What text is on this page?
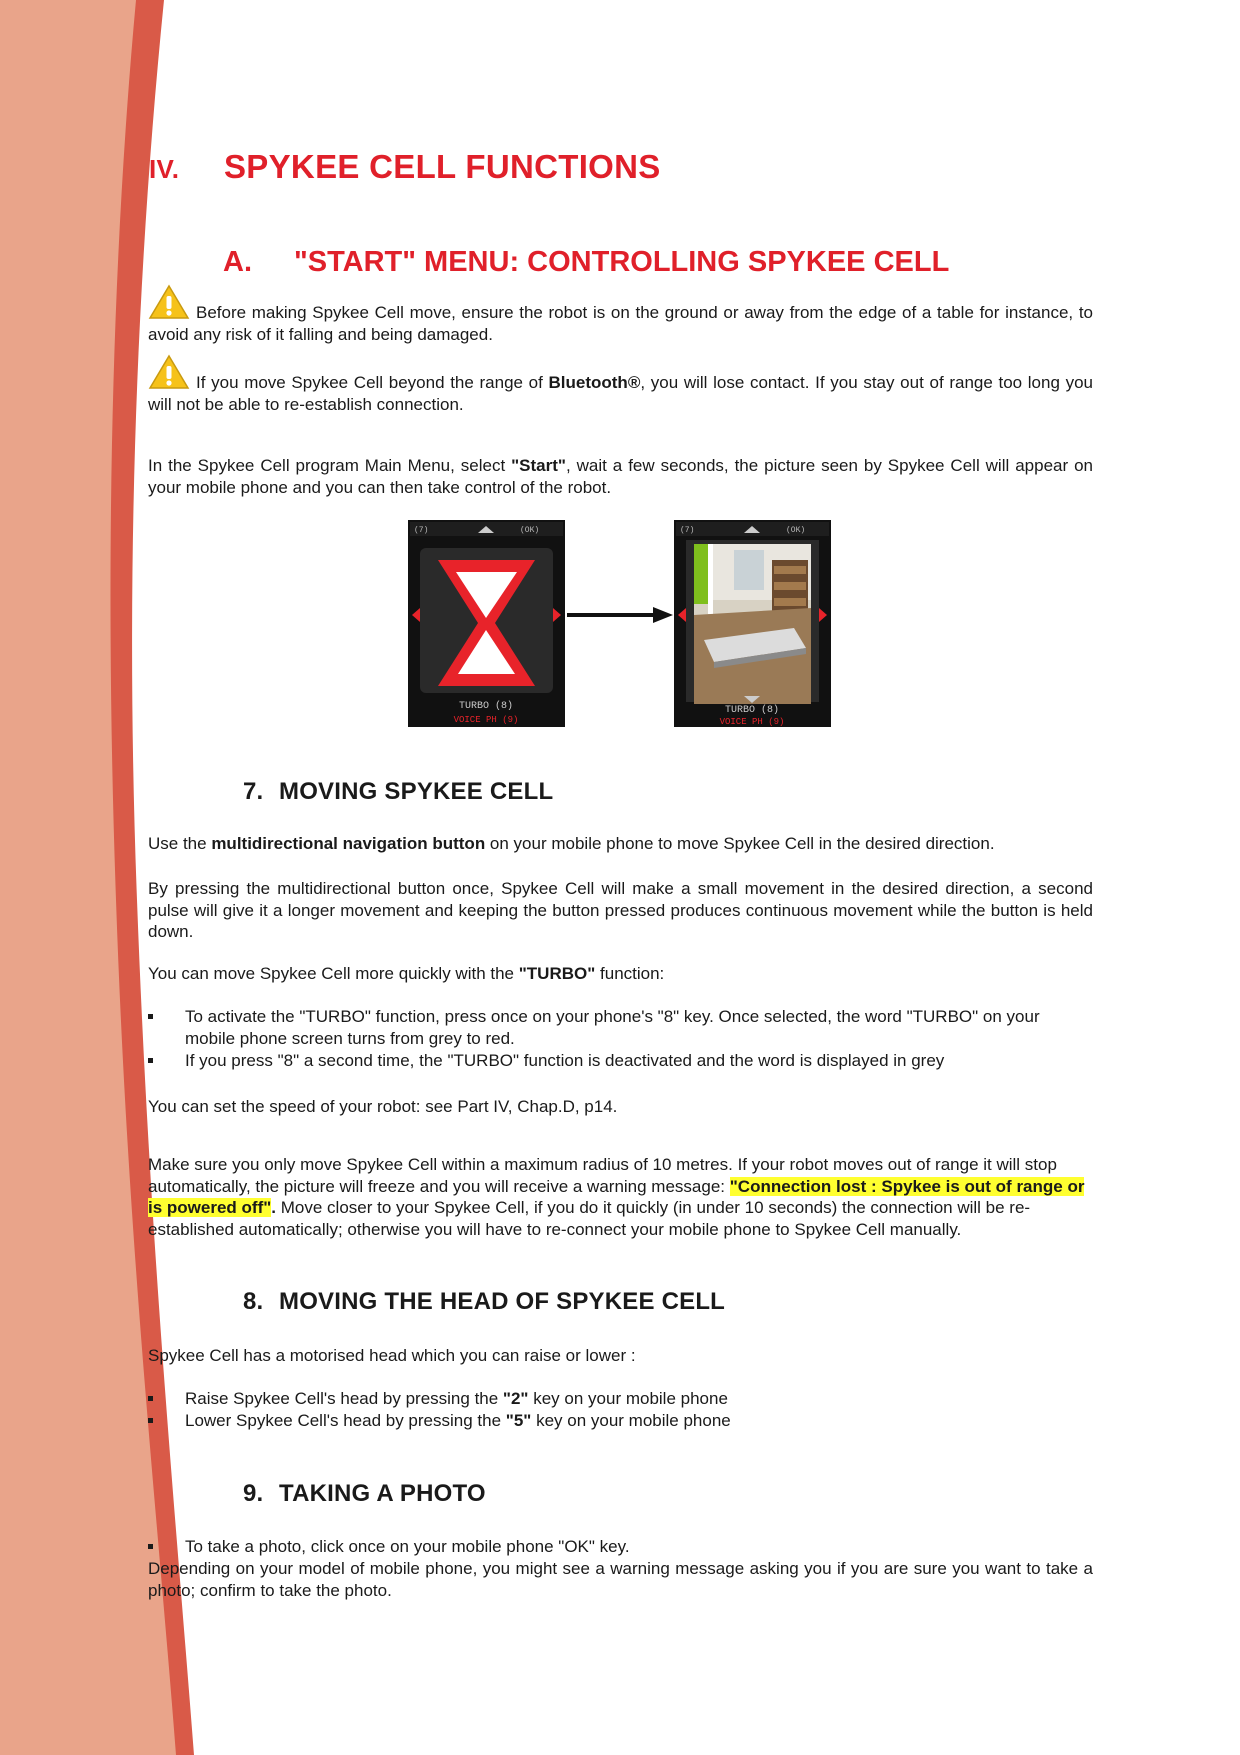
IV. SPYKEE CELL FUNCTIONS
A. "START" MENU: CONTROLLING SPYKEE CELL
Before making Spykee Cell move, ensure the robot is on the ground or away from the edge of a table for instance, to avoid any risk of it falling and being damaged.
If you move Spykee Cell beyond the range of Bluetooth®, you will lose contact. If you stay out of range too long you will not be able to re-establish connection.
In the Spykee Cell program Main Menu, select "Start", wait a few seconds, the picture seen by Spykee Cell will appear on your mobile phone and you can then take control of the robot.
(7)	(OK)
TURBO (8)
VOICE PH (9)
(7)	(OK)
TURBO (8)
VOICE PH (9)
7. MOVING SPYKEE CELL
Use the multidirectional navigation button on your mobile phone to move Spykee Cell in the desired direction.
By pressing the multidirectional button once, Spykee Cell will make a small movement in the desired direction, a second pulse will give it a longer movement and keeping the button pressed produces continuous movement while the button is held down.
You can move Spykee Cell more quickly with the "TURBO" function:
To activate the "TURBO" function, press once on your phone's "8" key. Once selected, the word "TURBO" on your mobile phone screen turns from grey to red.
If you press "8" a second time, the "TURBO" function is deactivated and the word is displayed in grey
You can set the speed of your robot: see Part IV, Chap.D, p14.
Make sure you only move Spykee Cell within a maximum radius of 10 metres. If your robot moves out of range it will stop automatically, the picture will freeze and you will receive a warning message: "Connection lost : Spykee is out of range or is powered off". Move closer to your Spykee Cell, if you do it quickly (in under 10 seconds) the connection will be re-established automatically; otherwise you will have to re-connect your mobile phone to Spykee Cell manually.
8. MOVING THE HEAD OF SPYKEE CELL
Spykee Cell has a motorised head which you can raise or lower :
Raise Spykee Cell's head by pressing the "2" key on your mobile phone
Lower Spykee Cell's head by pressing the "5" key on your mobile phone
9. TAKING A PHOTO
To take a photo, click once on your mobile phone "OK" key.
Depending on your model of mobile phone, you might see a warning message asking you if you are sure you want to take a photo; confirm to take the photo.
